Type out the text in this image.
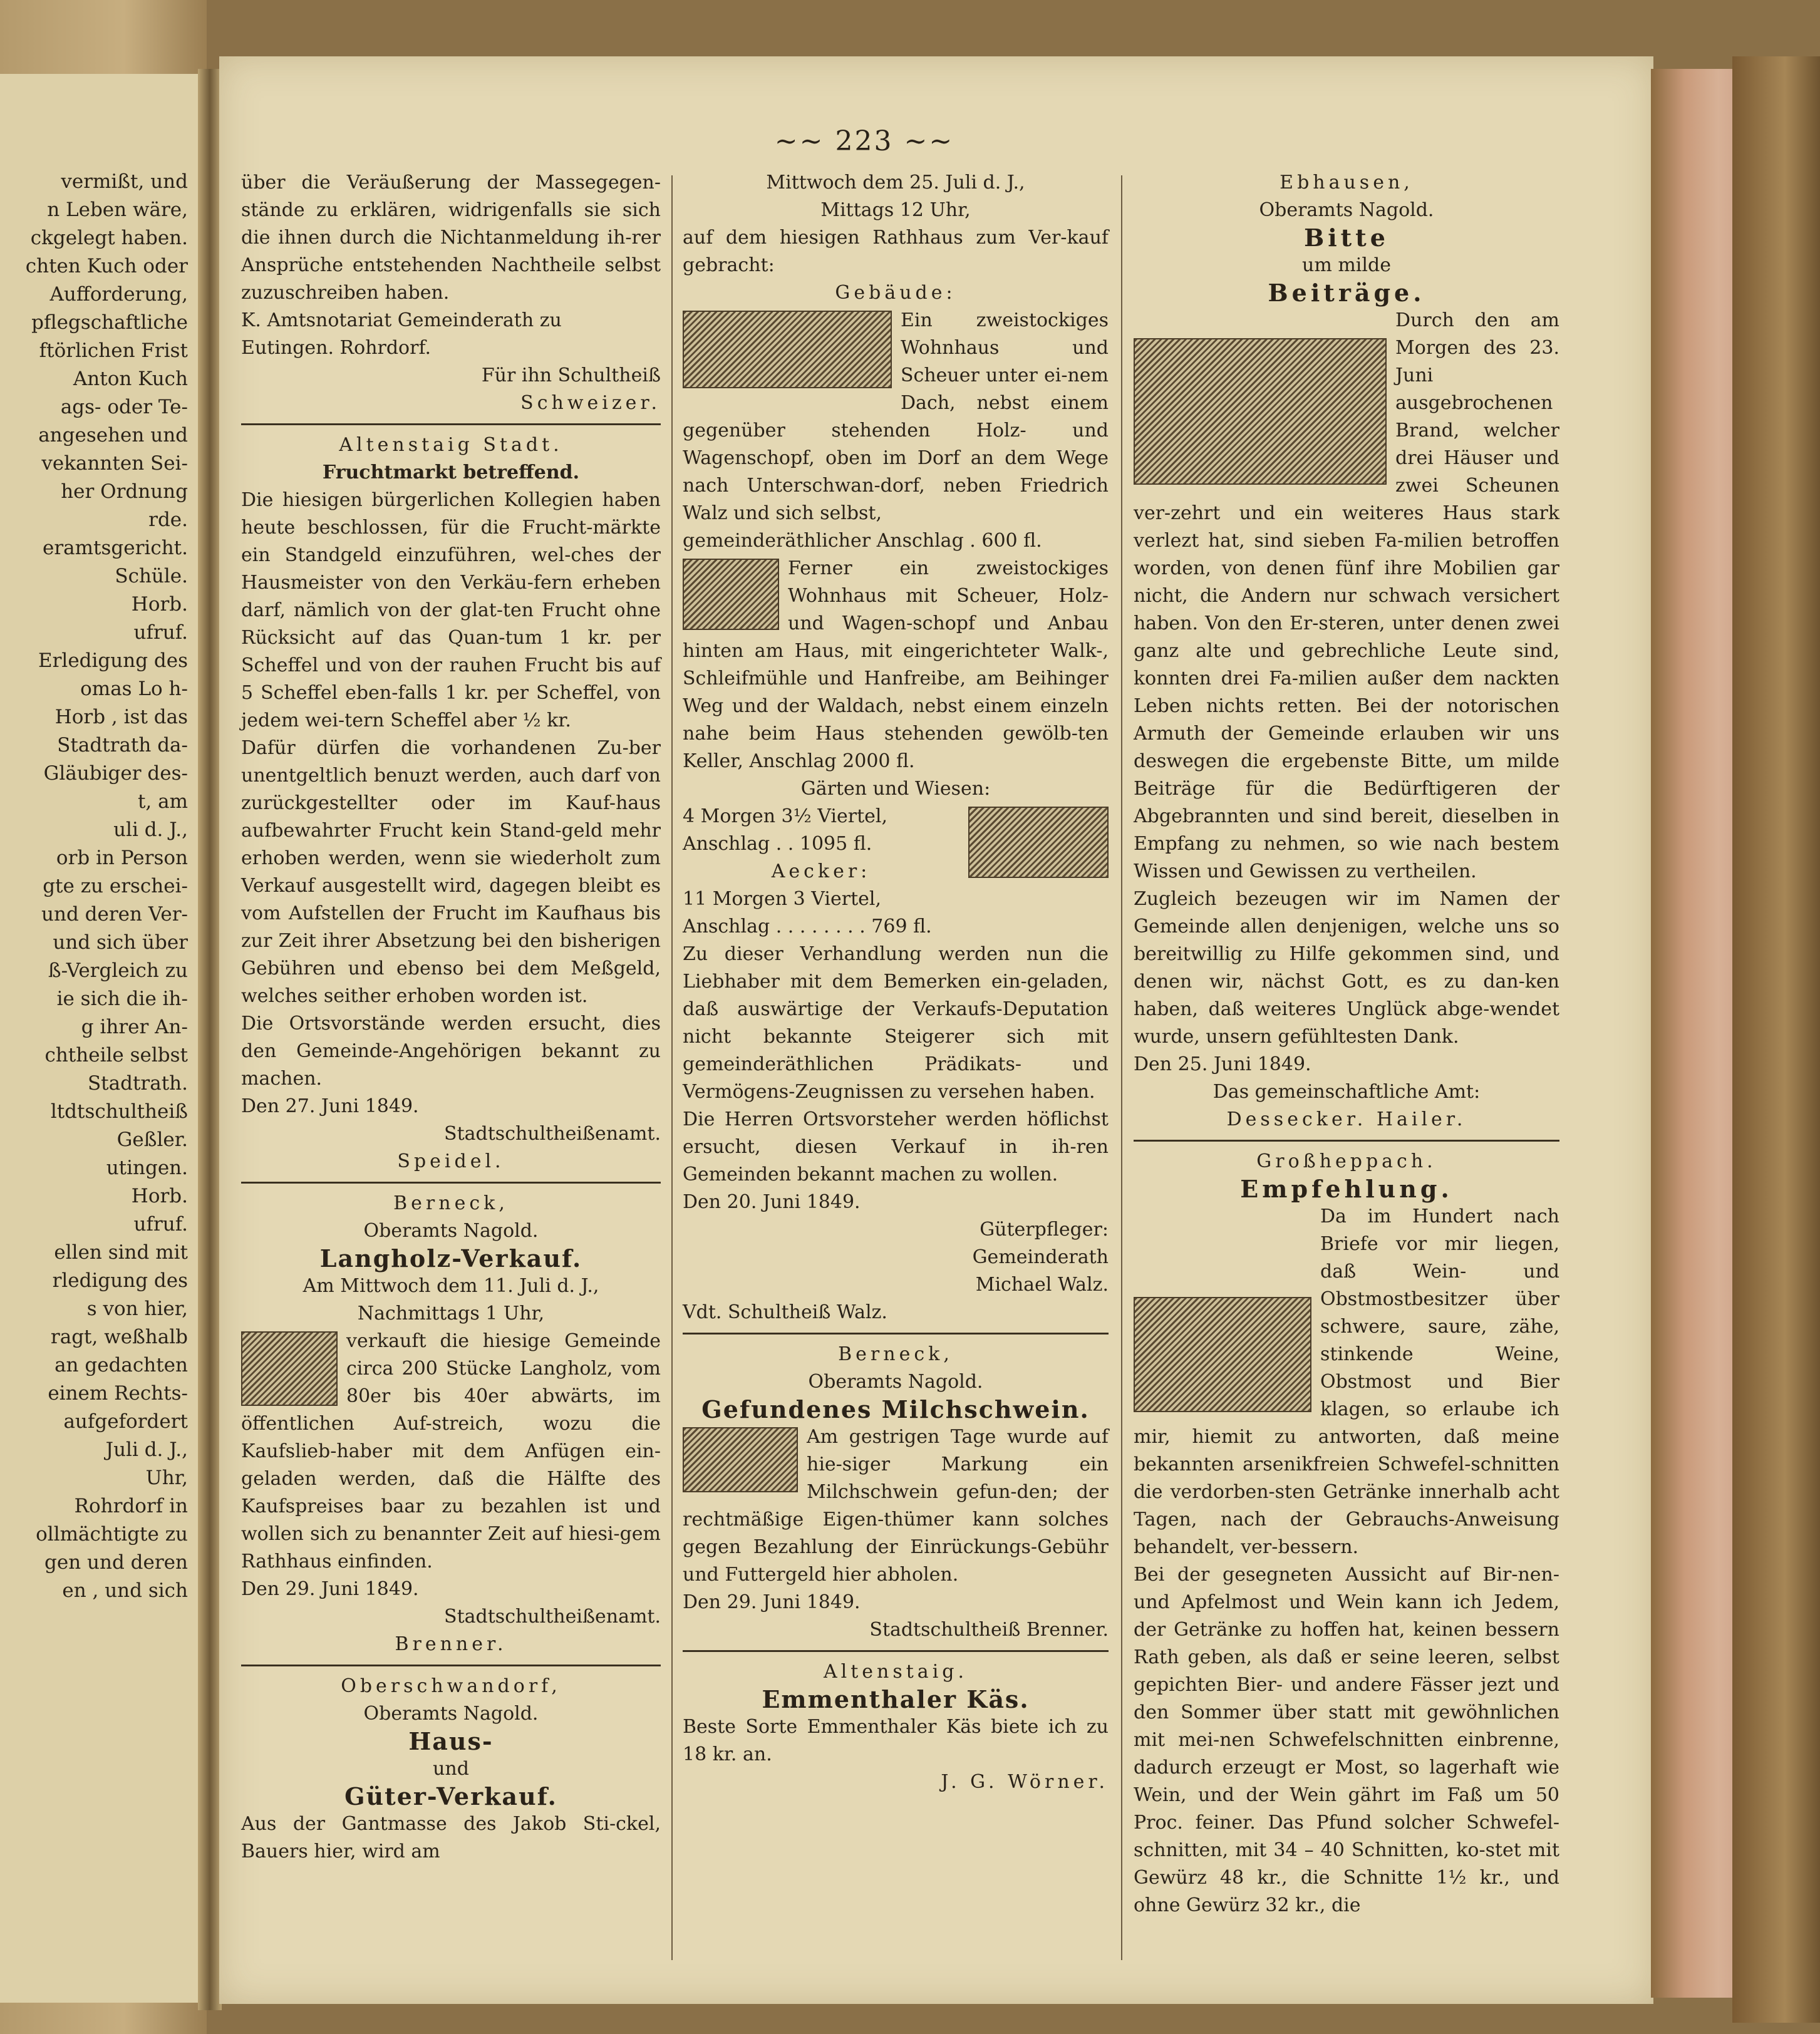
vermißt, und
n Leben wäre,
ckgelegt haben.
chten Kuch oder
Aufforderung,
pflegschaftliche
ftörlichen Frist
Anton Kuch
ags- oder Te-
angesehen und
vekannten Sei-
her Ordnung
rde.
eramtsgericht.
Schüle.
Horb.
ufruf.
Erledigung des
omas Lo h-
Horb , ist das
Stadtrath da-
Gläubiger des-
t, am
uli d. J.,
orb in Person
gte zu erschei-
und deren Ver-
und sich über
ß-Vergleich zu
ie sich die ih-
g ihrer An-
chtheile selbst
Stadtrath.
ltdtschultheiß
Geßler.
utingen.
Horb.
ufruf.
ellen sind mit
rledigung des
s von hier,
ragt, weßhalb
an gedachten
einem Rechts-
aufgefordert
Juli d. J.,
Uhr,
Rohrdorf in
ollmächtigte zu
gen und deren
en , und sich
~~ 223 ~~

über die Veräußerung der Massegegen-stände zu erklären, widrigenfalls sie sich die ihnen durch die Nichtanmeldung ih-rer Ansprüche entstehenden Nachtheile selbst zuzuschreiben haben.

K. Amtsnotariat Gemeinderath zu

Eutingen. Rohrdorf.

Für ihn Schultheiß

Schweizer.

Altenstaig Stadt.

Fruchtmarkt betreffend.

Die hiesigen bürgerlichen Kollegien haben heute beschlossen, für die Frucht-märkte ein Standgeld einzuführen, wel-ches der Hausmeister von den Verkäu-fern erheben darf, nämlich von der glat-ten Frucht ohne Rücksicht auf das Quan-tum 1 kr. per Scheffel und von der rauhen Frucht bis auf 5 Scheffel eben-falls 1 kr. per Scheffel, von jedem wei-tern Scheffel aber ½ kr.

Dafür dürfen die vorhandenen Zu-ber unentgeltlich benuzt werden, auch darf von zurückgestellter oder im Kauf-haus aufbewahrter Frucht kein Stand-geld mehr erhoben werden, wenn sie wiederholt zum Verkauf ausgestellt wird, dagegen bleibt es vom Aufstellen der Frucht im Kaufhaus bis zur Zeit ihrer Absetzung bei den bisherigen Gebühren und ebenso bei dem Meßgeld, welches seither erhoben worden ist.

Die Ortsvorstände werden ersucht, dies den Gemeinde-Angehörigen bekannt zu machen.

Den 27. Juni 1849.

Stadtschultheißenamt.

Speidel.

Berneck,

Oberamts Nagold.

Langholz-Verkauf.

Am Mittwoch dem 11. Juli d. J.,

Nachmittags 1 Uhr,

verkauft die hiesige Gemeinde circa 200 Stücke Langholz, vom 80er bis 40er abwärts, im öffentlichen Auf-streich, wozu die Kaufslieb-haber mit dem Anfügen ein-geladen werden, daß die Hälfte des Kaufspreises baar zu bezahlen ist und wollen sich zu benannter Zeit auf hiesi-gem Rathhaus einfinden.

Den 29. Juni 1849.

Stadtschultheißenamt.

Brenner.

Oberschwandorf,

Oberamts Nagold.

Haus-

und

Güter-Verkauf.

Aus der Gantmasse des Jakob Sti-ckel, Bauers hier, wird am

Mittwoch dem 25. Juli d. J.,

Mittags 12 Uhr,

auf dem hiesigen Rathhaus zum Ver-kauf gebracht:

Gebäude:

Ein zweistockiges Wohnhaus und Scheuer unter ei-nem Dach, nebst einem gegenüber stehenden Holz- und Wagenschopf, oben im Dorf an dem Wege nach Unterschwan-dorf, neben Friedrich Walz und sich selbst,

gemeinderäthlicher Anschlag . 600 fl.

Ferner ein zweistockiges Wohnhaus mit Scheuer, Holz- und Wagen-schopf und Anbau hinten am Haus, mit eingerichteter Walk-, Schleifmühle und Hanfreibe, am Beihinger Weg und der Waldach, nebst einem einzeln nahe beim Haus stehenden gewölb-ten Keller, Anschlag 2000 fl.

Gärten und Wiesen:

4 Morgen 3½ Viertel,

Anschlag . . 1095 fl.

Aecker:

11 Morgen 3 Viertel,

Anschlag . . . . . . . . 769 fl.

Zu dieser Verhandlung werden nun die Liebhaber mit dem Bemerken ein-geladen, daß auswärtige der Verkaufs-Deputation nicht bekannte Steigerer sich mit gemeinderäthlichen Prädikats- und Vermögens-Zeugnissen zu versehen haben.

Die Herren Ortsvorsteher werden höflichst ersucht, diesen Verkauf in ih-ren Gemeinden bekannt machen zu wollen.

Den 20. Juni 1849.

Güterpfleger:

Gemeinderath

Michael Walz.

Vdt. Schultheiß Walz.

Berneck,

Oberamts Nagold.

Gefundenes Milchschwein.

Am gestrigen Tage wurde auf hie-siger Markung ein Milchschwein gefun-den; der rechtmäßige Eigen-thümer kann solches gegen Bezahlung der Einrückungs-Gebühr und Futtergeld hier abholen.

Den 29. Juni 1849.

Stadtschultheiß Brenner.

Altenstaig.

Emmenthaler Käs.

Beste Sorte Emmenthaler Käs biete ich zu 18 kr. an.

J. G. Wörner.

Ebhausen,

Oberamts Nagold.

Bitte

um milde

Beiträge.

Durch den am Morgen des 23. Juni ausgebrochenen Brand, welcher drei Häuser und zwei Scheunen ver-zehrt und ein weiteres Haus stark verlezt hat, sind sieben Fa-milien betroffen worden, von denen fünf ihre Mobilien gar nicht, die Andern nur schwach versichert haben. Von den Er-steren, unter denen zwei ganz alte und gebrechliche Leute sind, konnten drei Fa-milien außer dem nackten Leben nichts retten. Bei der notorischen Armuth der Gemeinde erlauben wir uns deswegen die ergebenste Bitte, um milde Beiträge für die Bedürftigeren der Abgebrannten und sind bereit, dieselben in Empfang zu nehmen, so wie nach bestem Wissen und Gewissen zu vertheilen.

Zugleich bezeugen wir im Namen der Gemeinde allen denjenigen, welche uns so bereitwillig zu Hilfe gekommen sind, und denen wir, nächst Gott, es zu dan-ken haben, daß weiteres Unglück abge-wendet wurde, unsern gefühltesten Dank.

Den 25. Juni 1849.

Das gemeinschaftliche Amt:

Dessecker. Hailer.

Großheppach.

Empfehlung.

Da im Hundert nach Briefe vor mir liegen, daß Wein- und Obstmostbesitzer über schwere, saure, zähe, stinkende Weine, Obstmost und Bier klagen, so erlaube ich mir, hiemit zu antworten, daß meine bekannten arsenikfreien Schwefel-schnitten die verdorben-sten Getränke innerhalb acht Tagen, nach der Gebrauchs-Anweisung behandelt, ver-bessern.

Bei der gesegneten Aussicht auf Bir-nen- und Apfelmost und Wein kann ich Jedem, der Getränke zu hoffen hat, keinen bessern Rath geben, als daß er seine leeren, selbst gepichten Bier- und andere Fässer jezt und den Sommer über statt mit gewöhnlichen mit mei-nen Schwefelschnitten einbrenne, dadurch erzeugt er Most, so lagerhaft wie Wein, und der Wein gährt im Faß um 50 Proc. feiner. Das Pfund solcher Schwefel-schnitten, mit 34 – 40 Schnitten, ko-stet mit Gewürz 48 kr., die Schnitte 1½ kr., und ohne Gewürz 32 kr., die
